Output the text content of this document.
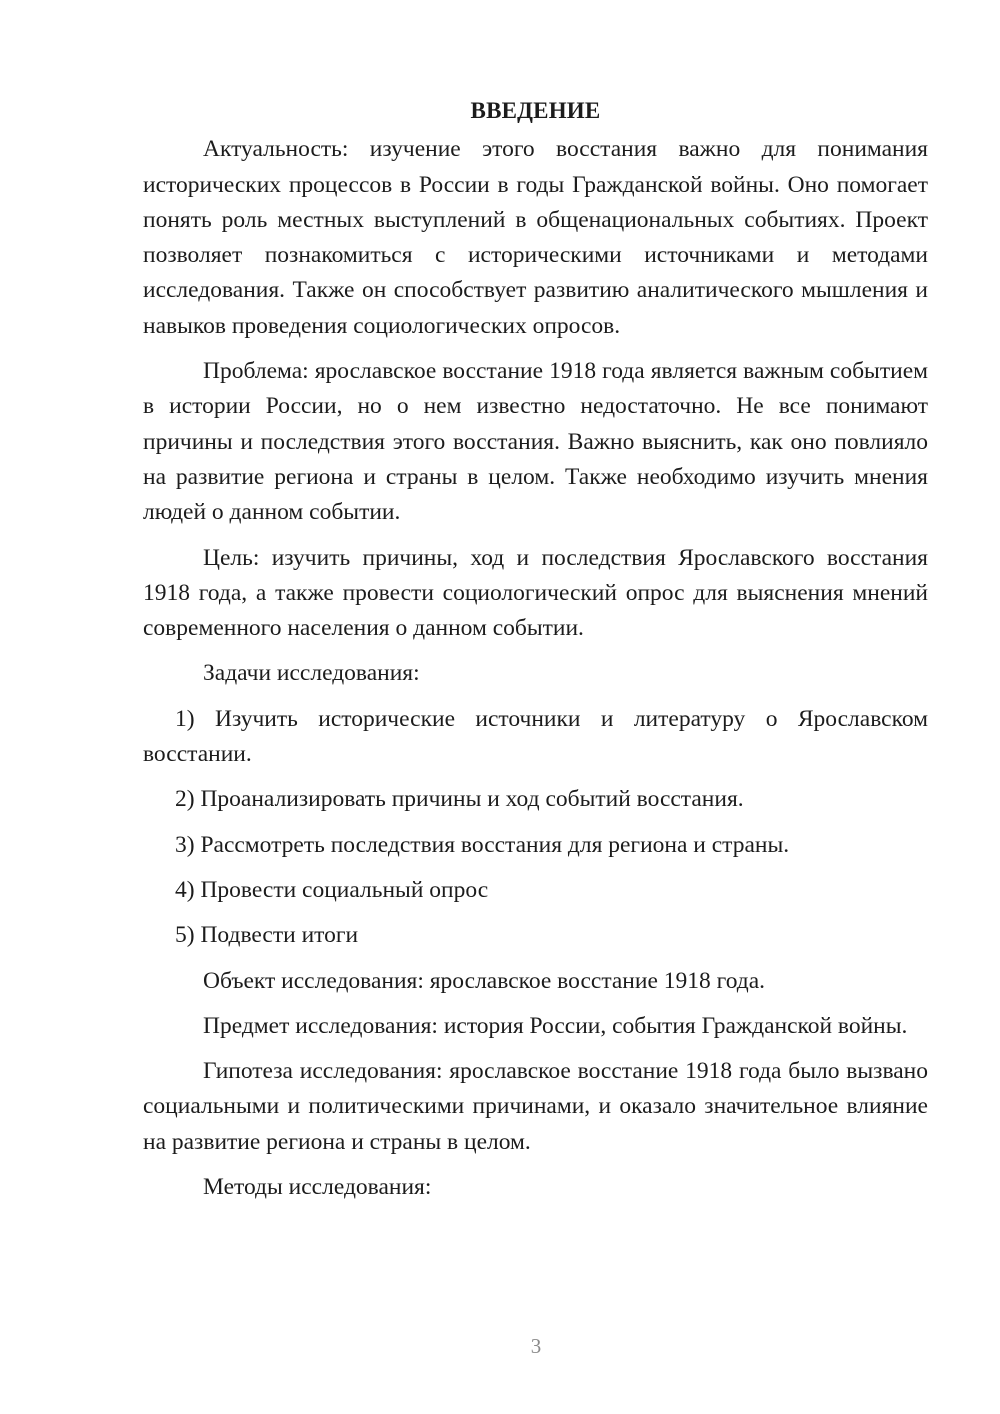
ВВЕДЕНИЕ

Актуальность: изучение этого восстания важно для понимания исторических процессов в России в годы Гражданской войны. Оно помогает понять роль местных выступлений в общенациональных событиях. Проект позволяет познакомиться с историческими источниками и методами исследования. Также он способствует развитию аналитического мышления и навыков проведения социологических опросов.

Проблема: ярославское восстание 1918 года является важным событием в истории России, но о нем известно недостаточно. Не все понимают причины и последствия этого восстания. Важно выяснить, как оно повлияло на развитие региона и страны в целом. Также необходимо изучить мнения людей о данном событии.

Цель: изучить причины, ход и последствия Ярославского восстания 1918 года, а также провести социологический опрос для выяснения мнений современного населения о данном событии.

Задачи исследования:

1) Изучить исторические источники и литературу о Ярославском восстании.

2) Проанализировать причины и ход событий восстания.

3) Рассмотреть последствия восстания для региона и страны.

4) Провести социальный опрос

5) Подвести итоги

Объект исследования: ярославское восстание 1918 года.

Предмет исследования: история России, события Гражданской войны.

Гипотеза исследования: ярославское восстание 1918 года было вызвано социальными и политическими причинами, и оказало значительное влияние на развитие региона и страны в целом.

Методы исследования:

3
